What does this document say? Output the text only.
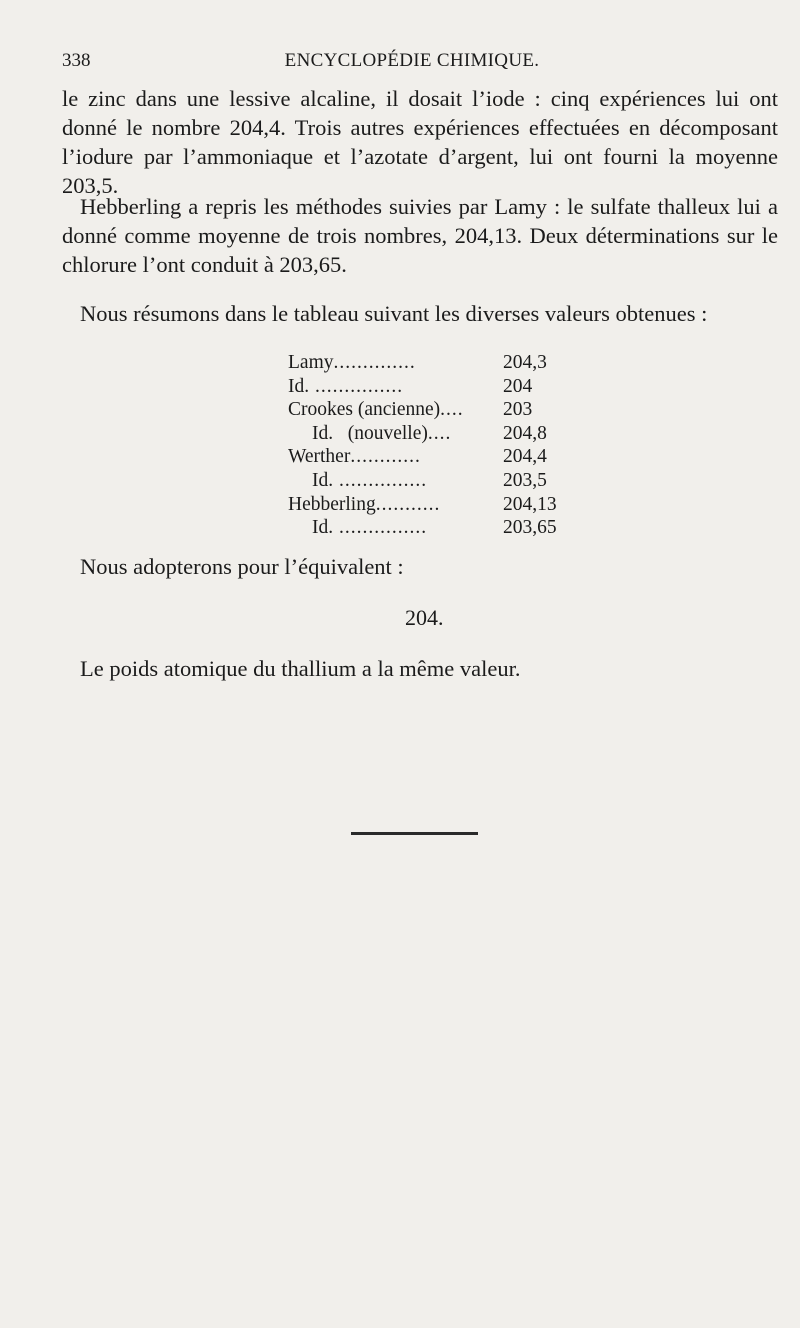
338	ENCYCLOPÉDIE CHIMIQUE.
le zinc dans une lessive alcaline, il dosait l’iode : cinq expériences lui ont donné le nombre 204,4. Trois autres expériences effectuées en décomposant l’iodure par l’ammoniaque et l’azotate d’argent, lui ont fourni la moyenne 203,5.
Hebberling a repris les méthodes suivies par Lamy : le sulfate thalleux lui a donné comme moyenne de trois nombres, 204,13. Deux déterminations sur le chlorure l’ont conduit à 203,65.
Nous résumons dans le tableau suivant les diverses valeurs obtenues :
Lamy..............	204,3
Id. ...............	204
Crookes (ancienne)....	203
Id.   (nouvelle)....	204,8
Werther............	204,4
Id. ...............	203,5
Hebberling...........	204,13
Id. ...............	203,65
Nous adopterons pour l’équivalent :
204.
Le poids atomique du thallium a la même valeur.
